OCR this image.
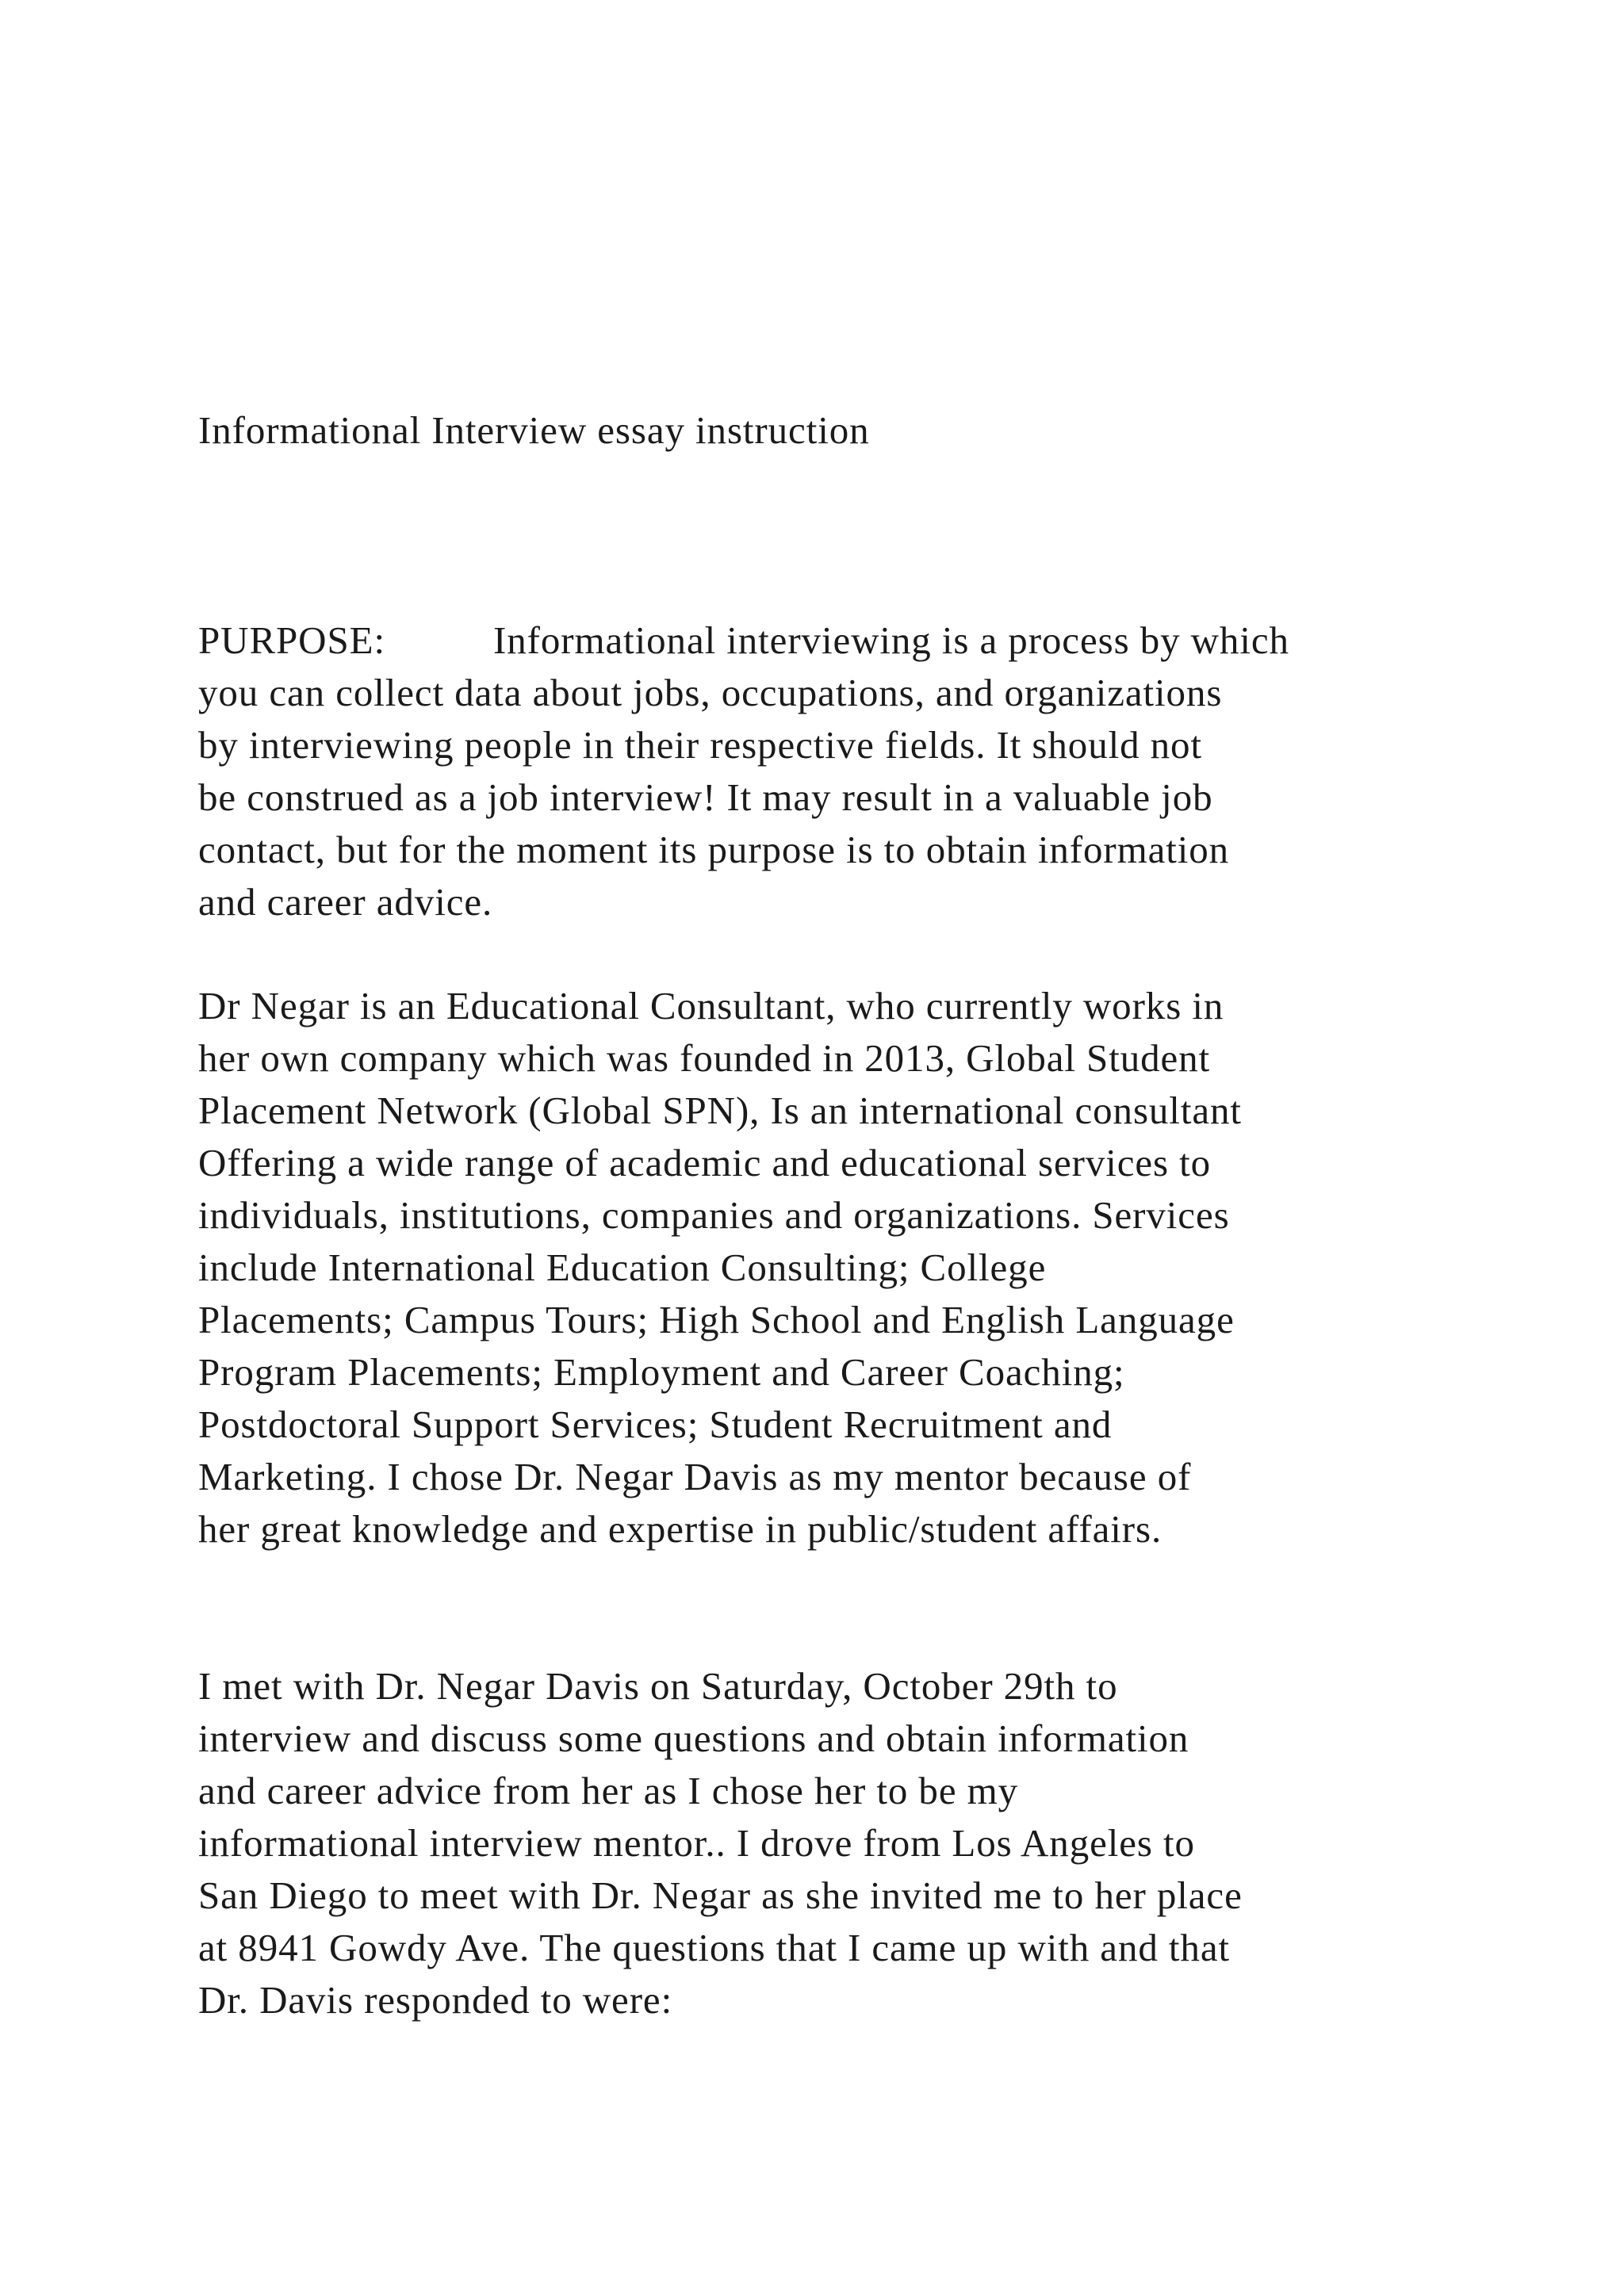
Informational Interview essay instruction

PURPOSE:	Informational interviewing is a process by which

you can collect data about jobs, occupations, and organizations

by interviewing people in their respective fields. It should not

be construed as a job interview! It may result in a valuable job

contact, but for the moment its purpose is to obtain information

and career advice.

Dr Negar is an Educational Consultant, who currently works in

her own company which was founded in 2013, Global Student

Placement Network (Global SPN), Is an international consultant

Offering a wide range of academic and educational services to

individuals, institutions, companies and organizations. Services

include International Education Consulting; College

Placements; Campus Tours; High School and English Language

Program Placements; Employment and Career Coaching;

Postdoctoral Support Services; Student Recruitment and

Marketing. I chose Dr. Negar Davis as my mentor because of

her great knowledge and expertise in public/student affairs.

I met with Dr. Negar Davis on Saturday, October 29th to

interview and discuss some questions and obtain information

and career advice from her as I chose her to be my

informational interview mentor.. I drove from Los Angeles to

San Diego to meet with Dr. Negar as she invited me to her place

at 8941 Gowdy Ave. The questions that I came up with and that

Dr. Davis responded to were:
